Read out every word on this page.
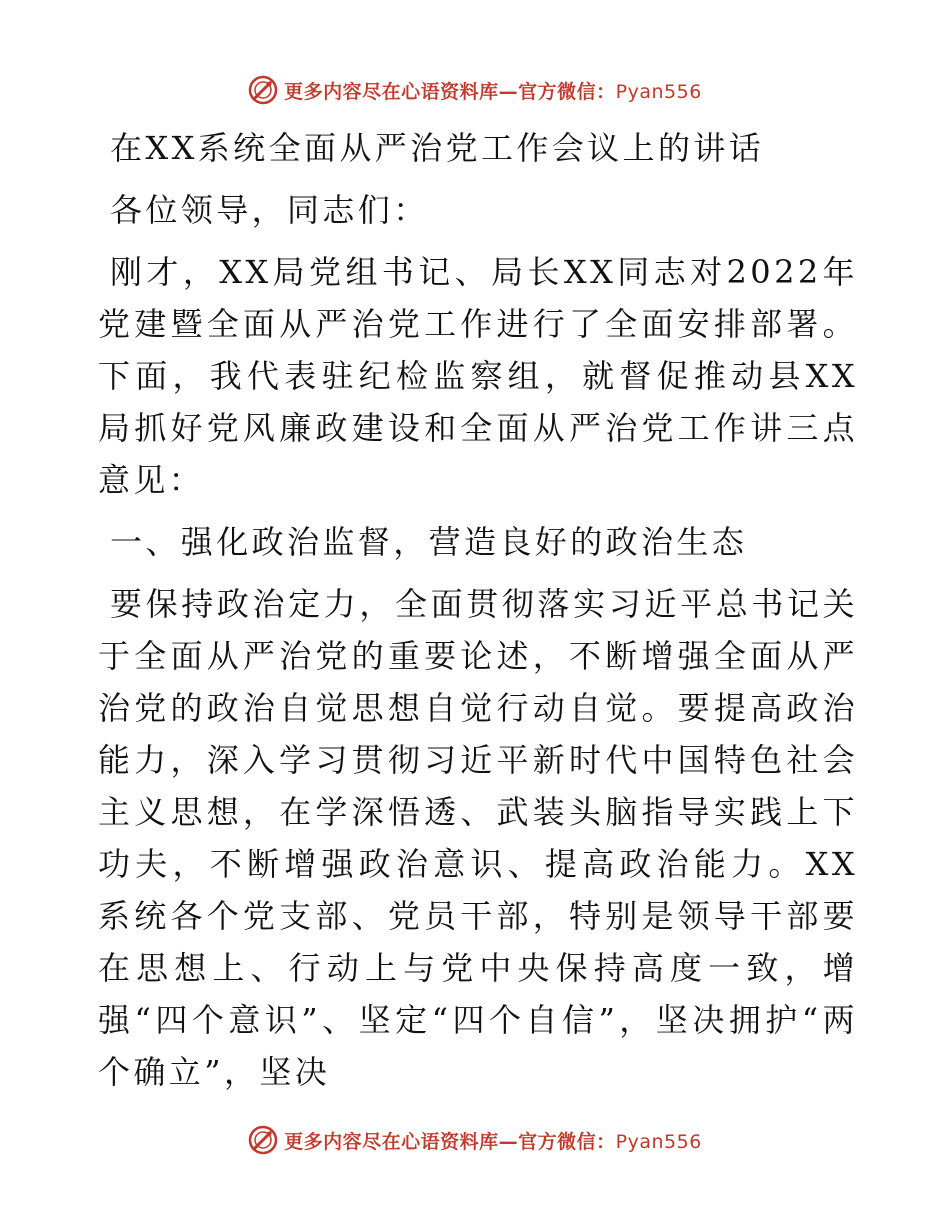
更多内容尽在心语资料库—官方微信：Pyan556

在XX系统全面从严治党工作会议上的讲话

各位领导，同志们：

刚才，XX局党组书记、局长XX同志对2022年党建暨全面从严治党工作进行了全面安排部署。下面，我代表驻纪检监察组，就督促推动县XX局抓好党风廉政建设和全面从严治党工作讲三点意见：

一、强化政治监督，营造良好的政治生态

要保持政治定力，全面贯彻落实习近平总书记关于全面从严治党的重要论述，不断增强全面从严治党的政治自觉思想自觉行动自觉。要提高政治能力，深入学习贯彻习近平新时代中国特色社会主义思想，在学深悟透、武装头脑指导实践上下功夫，不断增强政治意识、提高政治能力。XX系统各个党支部、党员干部，特别是领导干部要在思想上、行动上与党中央保持高度一致，增强“四个意识”、坚定“四个自信”，坚决拥护“两个确立”，坚决

更多内容尽在心语资料库—官方微信：Pyan556
